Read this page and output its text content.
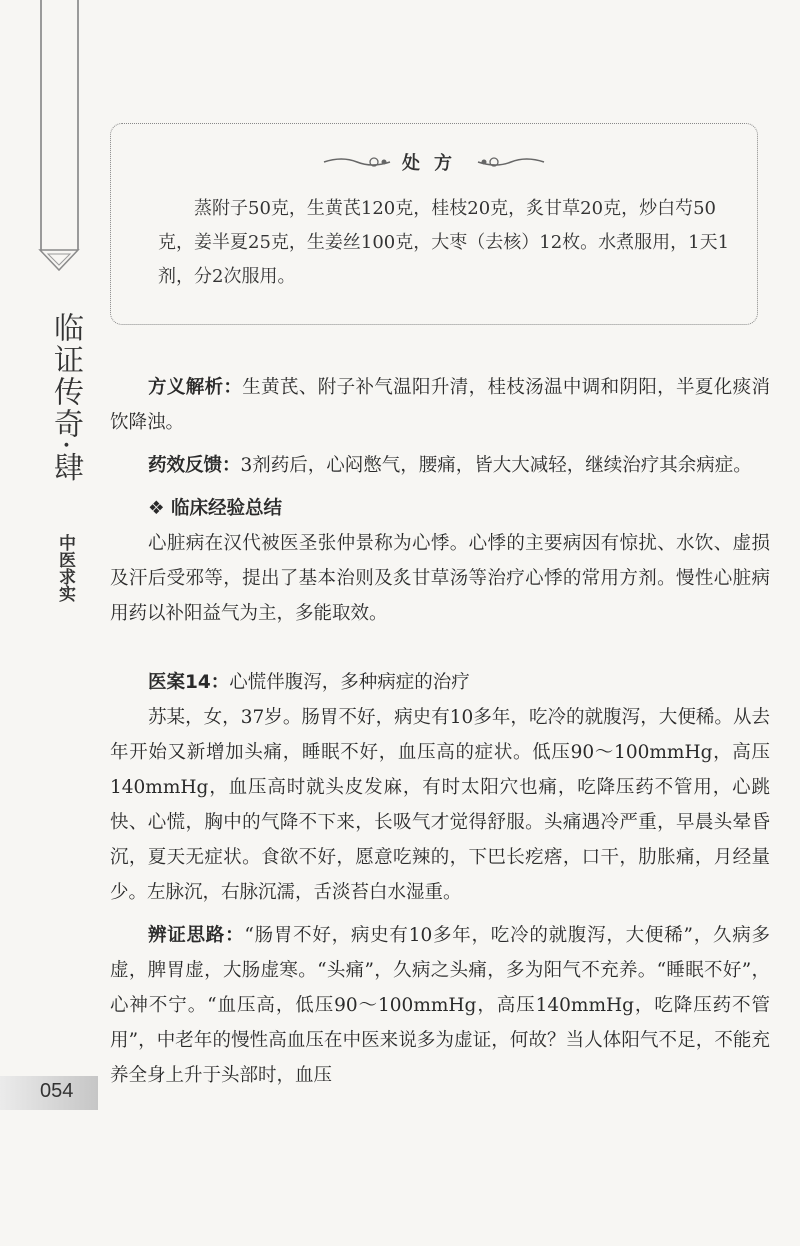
临证传奇·肆
中医求实
054
处方

蒸附子50克，生黄芪120克，桂枝20克，炙甘草20克，炒白芍50克，姜半夏25克，生姜丝100克，大枣（去核）12枚。水煮服用，1天1剂，分2次服用。

方义解析：生黄芪、附子补气温阳升清，桂枝汤温中调和阴阳，半夏化痰消饮降浊。

药效反馈：3剂药后，心闷憋气，腰痛，皆大大减轻，继续治疗其余病症。

❖ 临床经验总结

心脏病在汉代被医圣张仲景称为心悸。心悸的主要病因有惊扰、水饮、虚损及汗后受邪等，提出了基本治则及炙甘草汤等治疗心悸的常用方剂。慢性心脏病用药以补阳益气为主，多能取效。

医案14：心慌伴腹泻，多种病症的治疗

苏某，女，37岁。肠胃不好，病史有10多年，吃冷的就腹泻，大便稀。从去年开始又新增加头痛，睡眠不好，血压高的症状。低压90～100mmHg，高压140mmHg，血压高时就头皮发麻，有时太阳穴也痛，吃降压药不管用，心跳快、心慌，胸中的气降不下来，长吸气才觉得舒服。头痛遇冷严重，早晨头晕昏沉，夏天无症状。食欲不好，愿意吃辣的，下巴长疙瘩，口干，肋胀痛，月经量少。左脉沉，右脉沉濡，舌淡苔白水湿重。

辨证思路：“肠胃不好，病史有10多年，吃冷的就腹泻，大便稀”，久病多虚，脾胃虚，大肠虚寒。“头痛”，久病之头痛，多为阳气不充养。“睡眠不好”，心神不宁。“血压高，低压90～100mmHg，高压140mmHg，吃降压药不管用”，中老年的慢性高血压在中医来说多为虚证，何故？当人体阳气不足，不能充养全身上升于头部时，血压
